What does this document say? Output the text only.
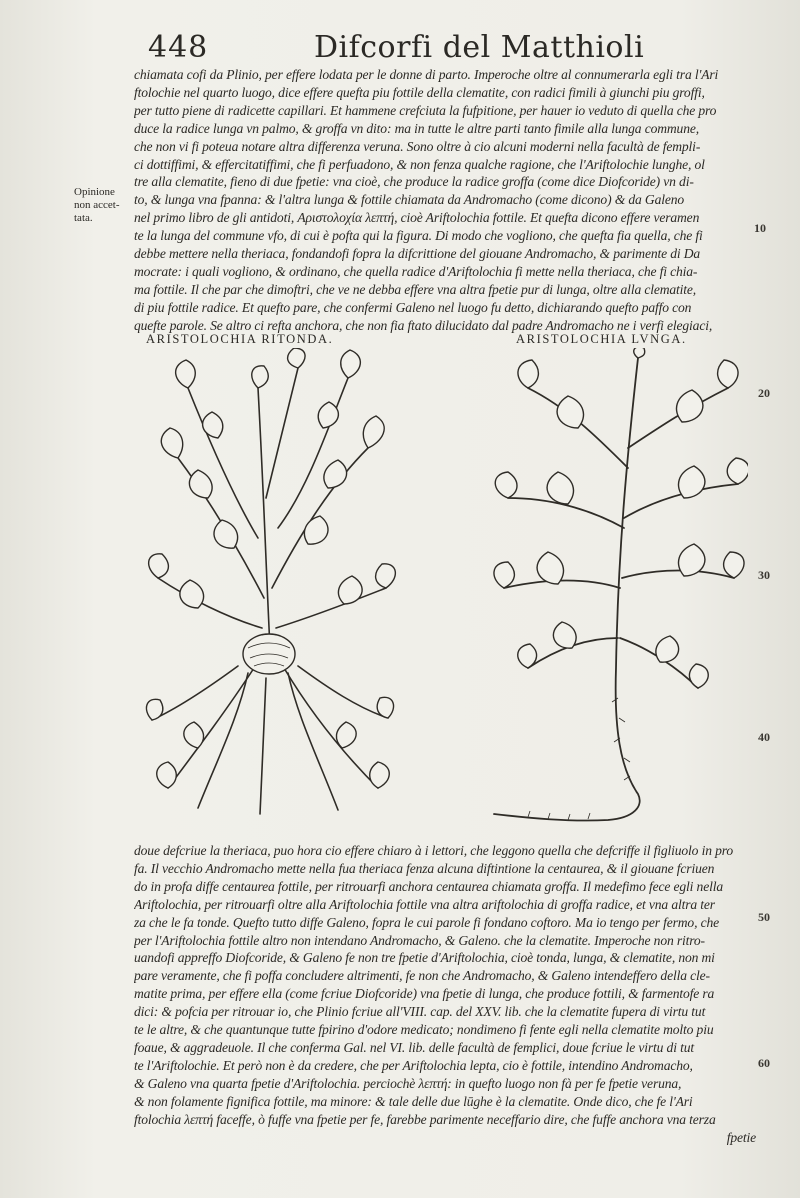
448	Difcorfi del Matthioli
Opinione
non accet-
tata.
chiamata cofi da Plinio, per effere lodata per le donne di parto. Imperoche oltre al connumerarla egli tra l'Ari
ftolochie nel quarto luogo, dice effere quefta piu fottile della clematite, con radici fimili à giunchi piu groffi,
per tutto piene di radicette capillari. Et hammene crefciuta la fufpitione, per hauer io veduto di quella che pro
duce la radice lunga vn palmo, & groffa vn dito: ma in tutte le altre parti tanto fimile alla lunga commune,
che non vi fi poteua notare altra differenza veruna. Sono oltre à cio alcuni moderni nella facultà de fempli-
ci dottiffimi, & effercitatiffimi, che fi perfuadono, & non fenza qualche ragione, che l'Ariftolochie lunghe, ol
tre alla clematite, fieno di due fpetie: vna cioè, che produce la radice groffa (come dice Diofcoride) vn di-
to, & lunga vna fpanna: & l'altra lunga & fottile chiamata da Andromacho (come dicono) & da Galeno
nel primo libro de gli antidoti, Αριστολοχία λεπτή, cioè Ariftolochia fottile. Et quefta dicono effere veramen
te la lunga del commune vfo, di cui è pofta qui la figura. Di modo che vogliono, che quefta fia quella, che fi
debbe mettere nella theriaca, fondandofi fopra la difcrittione del giouane Andromacho, & parimente di Da
mocrate: i quali vogliono, & ordinano, che quella radice d'Ariftolochia fi mette nella theriaca, che fi chia-
ma fottile. Il che par che dimoftri, che ve ne debba effere vna altra fpetie pur di lunga, oltre alla clematite,
di piu fottile radice. Et quefto pare, che confermi Galeno nel luogo fu detto, dichiarando quefto paffo con
quefte parole. Se altro ci refta anchora, che non fia ftato dilucidato dal padre Andromacho ne i verfi elegiaci,
10
20
30
40
50
60
ARISTOLOCHIA RITONDA.	ARISTOLOCHIA LVNGA.
doue defcriue la theriaca, puo hora cio effere chiaro à i lettori, che leggono quella che defcriffe il figliuolo in pro
fa. Il vecchio Andromacho mette nella fua theriaca fenza alcuna diftintione la centaurea, & il giouane fcriuen
do in profa diffe centaurea fottile, per ritrouarfi anchora centaurea chiamata groffa. Il medefimo fece egli nella
Ariftolochia, per ritrouarfi oltre alla Ariftolochia fottile vna altra ariftolochia di groffa radice, et vna altra ter
za che le fa tonde. Quefto tutto diffe Galeno, fopra le cui parole fi fondano coftoro. Ma io tengo per fermo, che
per l'Ariftolochia fottile altro non intendano Andromacho, & Galeno. che la clematite. Imperoche non ritro-
uandofi appreffo Diofcoride, & Galeno fe non tre fpetie d'Ariftolochia, cioè tonda, lunga, & clematite, non mi
pare veramente, che fi poffa concludere altrimenti, fe non che Andromacho, & Galeno intendeffero della cle-
matite prima, per effere ella (come fcriue Diofcoride) vna fpetie di lunga, che produce fottili, & farmentofe ra
dici: & pofcia per ritrouar io, che Plinio fcriue all'VIII. cap. del XXV. lib. che la clematite fupera di virtu tut
te le altre, & che quantunque tutte fpirino d'odore medicato; nondimeno fi fente egli nella clematite molto piu
foaue, & aggradeuole. Il che conferma Gal. nel VI. lib. delle facultà de femplici, doue fcriue le virtu di tut
te l'Ariftolochie. Et però non è da credere, che per Ariftolochia lepta, cio è fottile, intendino Andromacho,
& Galeno vna quarta fpetie d'Ariftolochia. perciochè λεπτή: in quefto luogo non fà per fe fpetie veruna,
& non folamente fignifica fottile, ma minore: & tale delle due lūghe è la clematite. Onde dico, che fe l'Ari
ftolochia λεπτή faceffe, ò fuffe vna fpetie per fe, farebbe parimente neceffario dire, che fuffe anchora vna terza
fpetie
